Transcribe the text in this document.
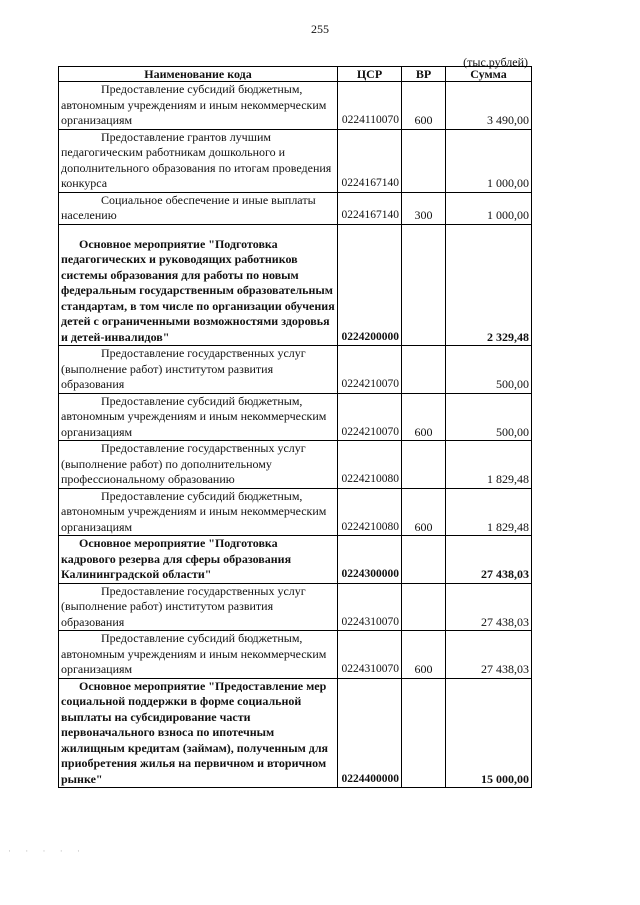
255
(тыс.рублей)
Наименование кода	ЦСР	ВР	Сумма
Предоставление субсидий бюджетным, автономным учреждениям и иным некоммерческим организациям	0224110070	600	3 490,00
Предоставление грантов лучшим педагогическим работникам дошкольного и дополнительного образования по итогам проведения конкурса	0224167140		1 000,00
Социальное обеспечение и иные выплаты населению	0224167140	300	1 000,00

Основное мероприятие "Подготовка педагогических и руководящих работников системы образования для работы по новым федеральным государственным образовательным стандартам, в том числе по организации обучения детей с ограниченными возможностями здоровья и детей-инвалидов"	0224200000		2 329,48
Предоставление государственных услуг (выполнение работ) институтом развития образования	0224210070		500,00
Предоставление субсидий бюджетным, автономным учреждениям и иным некоммерческим организациям	0224210070	600	500,00
Предоставление государственных услуг (выполнение работ) по дополнительному профессиональному образованию	0224210080		1 829,48
Предоставление субсидий бюджетным, автономным учреждениям и иным некоммерческим организациям	0224210080	600	1 829,48
Основное мероприятие "Подготовка кадрового резерва для сферы образования Калининградской области"	0224300000		27 438,03
Предоставление государственных услуг (выполнение работ) институтом развития образования	0224310070		27 438,03
Предоставление субсидий бюджетным, автономным учреждениям и иным некоммерческим организациям	0224310070	600	27 438,03
Основное мероприятие "Предоставление мер социальной поддержки в форме социальной выплаты на субсидирование части первоначального взноса по ипотечным жилищным кредитам (займам), полученным для приобретения жилья на первичном и вторичном рынке"	0224400000		15 000,00
· · · · ·
